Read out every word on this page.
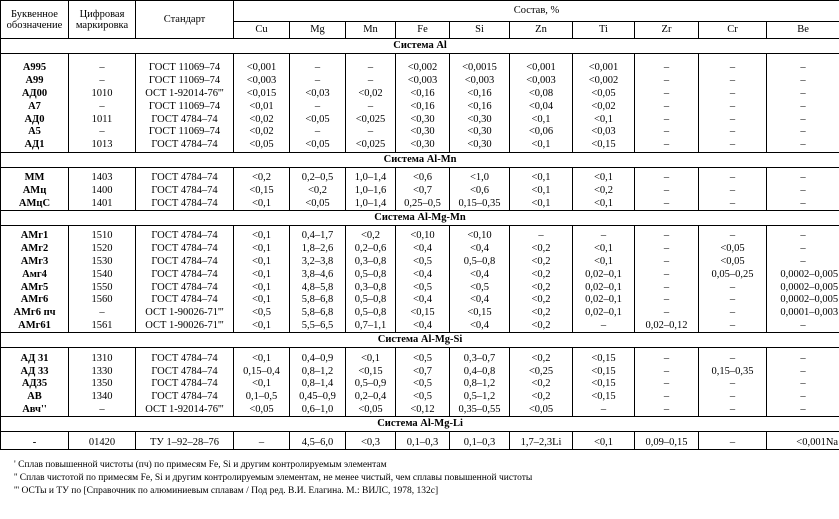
Буквенное обозначение	Цифровая маркировка	Стандарт	Состав, %									
			Cu	Mg	Mn	Fe	Si	Zn	Ti	Zr	Cr	Be
Система Al												

А995	–	ГОСТ 11069–74	<0,001	–	–	<0,002	<0,0015	<0,001	<0,001	–	–	–
А99	–	ГОСТ 11069–74	<0,003	–	–	<0,003	<0,003	<0,003	<0,002	–	–	–
АД00	1010	ОСТ 1-92014-76'''	<0,015	<0,03	<0,02	<0,16	<0,16	<0,08	<0,05	–	–	–
А7	–	ГОСТ 11069–74	<0,01	–	–	<0,16	<0,16	<0,04	<0,02	–	–	–
АД0	1011	ГОСТ 4784–74	<0,02	<0,05	<0,025	<0,30	<0,30	<0,1	<0,1	–	–	–
А5	–	ГОСТ 11069–74	<0,02	–	–	<0,30	<0,30	<0,06	<0,03	–	–	–
АД1	1013	ГОСТ 4784–74	<0,05	<0,05	<0,025	<0,30	<0,30	<0,1	<0,15	–	–	–
Система Al-Mn												

ММ	1403	ГОСТ 4784–74	<0,2	0,2–0,5	1,0–1,4	<0,6	<1,0	<0,1	<0,1	–	–	–
АМц	1400	ГОСТ 4784–74	<0,15	<0,2	1,0–1,6	<0,7	<0,6	<0,1	<0,2	–	–	–
АМцС	1401	ГОСТ 4784–74	<0,1	<0,05	1,0–1,4	0,25–0,5	0,15–0,35	<0,1	<0,1	–	–	–
Система Al-Mg-Mn												

АМг1	1510	ГОСТ 4784–74	<0,1	0,4–1,7	<0,2	<0,10	<0,10	–	–	–	–	–
АМг2	1520	ГОСТ 4784–74	<0,1	1,8–2,6	0,2–0,6	<0,4	<0,4	<0,2	<0,1	–	<0,05	–
АМг3	1530	ГОСТ 4784–74	<0,1	3,2–3,8	0,3–0,8	<0,5	0,5–0,8	<0,2	<0,1	–	<0,05	–
Амг4	1540	ГОСТ 4784–74	<0,1	3,8–4,6	0,5–0,8	<0,4	<0,4	<0,2	0,02–0,1	–	0,05–0,25	0,0002–0,005
АМг5	1550	ГОСТ 4784–74	<0,1	4,8–5,8	0,3–0,8	<0,5	<0,5	<0,2	0,02–0,1	–	–	0,0002–0,005
АМг6	1560	ГОСТ 4784–74	<0,1	5,8–6,8	0,5–0,8	<0,4	<0,4	<0,2	0,02–0,1	–	–	0,0002–0,005
АМг6 пч	–	ОСТ 1-90026-71'''	<0,5	5,8–6,8	0,5–0,8	<0,15	<0,15	<0,2	0,02–0,1	–	–	0,0001–0,003
АМг61	1561	ОСТ 1-90026-71'''	<0,1	5,5–6,5	0,7–1,1	<0,4	<0,4	<0,2	–	0,02–0,12	–	–
Система Al-Mg-Si												

АД 31	1310	ГОСТ 4784–74	<0,1	0,4–0,9	<0,1	<0,5	0,3–0,7	<0,2	<0,15	–	–	–
АД 33	1330	ГОСТ 4784–74	0,15–0,4	0,8–1,2	<0,15	<0,7	0,4–0,8	<0,25	<0,15	–	0,15–0,35	–
АД35	1350	ГОСТ 4784–74	<0,1	0,8–1,4	0,5–0,9	<0,5	0,8–1,2	<0,2	<0,15	–	–	–
АВ	1340	ГОСТ 4784–74	0,1–0,5	0,45–0,9	0,2–0,4	<0,5	0,5–1,2	<0,2	<0,15	–	–	–
Авч''	–	ОСТ 1-92014-76'''	<0,05	0,6–1,0	<0,05	<0,12	0,35–0,55	<0,05	–	–	–	–
Система Al-Mg-Li												

-	01420	ТУ 1–92–28–76	–	4,5–6,0	<0,3	0,1–0,3	0,1–0,3	1,7–2,3Li	<0,1	0,09–0,15	–	<0,001Na
' Сплав повышенной чистоты (пч) по примесям Fe, Si и другим контролируемым элементам
'' Сплав чистотой по примесям Fe, Si и другим контролируемым элементам, не менее чистый, чем сплавы повышенной чистоты
''' ОСТы и ТУ по [Справочник по алюминиевым сплавам / Под ред. В.И. Елагина. М.: ВИЛС, 1978, 132с]
